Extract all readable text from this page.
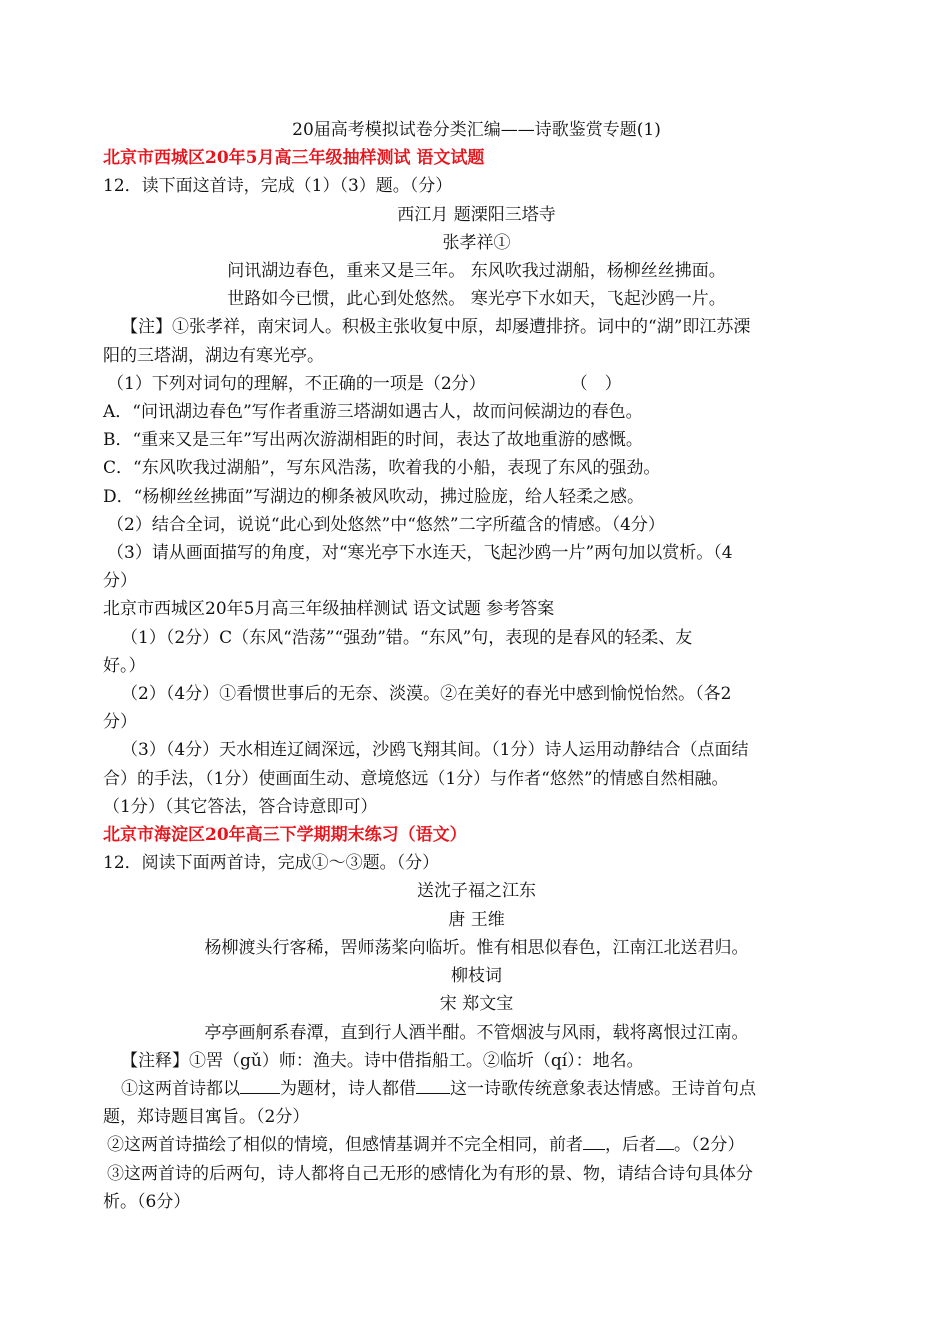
20届高考模拟试卷分类汇编——诗歌鉴赏专题(1)
北京市西城区20年5月高三年级抽样测试 语文试题
12．读下面这首诗，完成（1）（3）题。（分）
西江月 题溧阳三塔寺
张孝祥①
问讯湖边春色，重来又是三年。 东风吹我过湖船，杨柳丝丝拂面。
世路如今已惯，此心到处悠然。 寒光亭下水如天，飞起沙鸥一片。
【注】①张孝祥，南宋词人。积极主张收复中原，却屡遭排挤。词中的“湖”即江苏溧
阳的三塔湖，湖边有寒光亭。
（1）下列对词句的理解，不正确的一项是（2分）　　　　　　（　）
A．“问讯湖边春色”写作者重游三塔湖如遇古人，故而问候湖边的春色。
B．“重来又是三年”写出两次游湖相距的时间，表达了故地重游的感慨。
C．“东风吹我过湖船”，写东风浩荡，吹着我的小船，表现了东风的强劲。
D．“杨柳丝丝拂面”写湖边的柳条被风吹动，拂过脸庞，给人轻柔之感。
（2）结合全词，说说“此心到处悠然”中“悠然”二字所蕴含的情感。（4分）
（3）请从画面描写的角度，对“寒光亭下水连天，飞起沙鸥一片”两句加以赏析。（4
分）
北京市西城区20年5月高三年级抽样测试 语文试题 参考答案
（1）（2分）C（东风“浩荡”“强劲”错。“东风”句，表现的是春风的轻柔、友
好。）
（2）（4分）①看惯世事后的无奈、淡漠。②在美好的春光中感到愉悦怡然。（各2
分）
（3）（4分）天水相连辽阔深远，沙鸥飞翔其间。（1分）诗人运用动静结合（点面结
合）的手法，（1分）使画面生动、意境悠远（1分）与作者“悠然”的情感自然相融。
（1分）（其它答法，答合诗意即可）
北京市海淀区20年高三下学期期末练习（语文）
12．阅读下面两首诗，完成①～③题。（分）
送沈子福之江东
唐 王维
杨柳渡头行客稀，罟师荡桨向临圻。惟有相思似春色，江南江北送君归。
柳枝词
宋 郑文宝
亭亭画舸系春潭，直到行人酒半酣。不管烟波与风雨，载将离恨过江南。
【注释】①罟（gǔ）师：渔夫。诗中借指船工。②临圻（qí）：地名。
①这两首诗都以 为题材，诗人都借 这一诗歌传统意象表达情感。王诗首句点
题，郑诗题目寓旨。（2分）
②这两首诗描绘了相似的情境，但感情基调并不完全相同，前者 ，后者 。（2分）
③这两首诗的后两句，诗人都将自己无形的感情化为有形的景、物，请结合诗句具体分
析。（6分）
